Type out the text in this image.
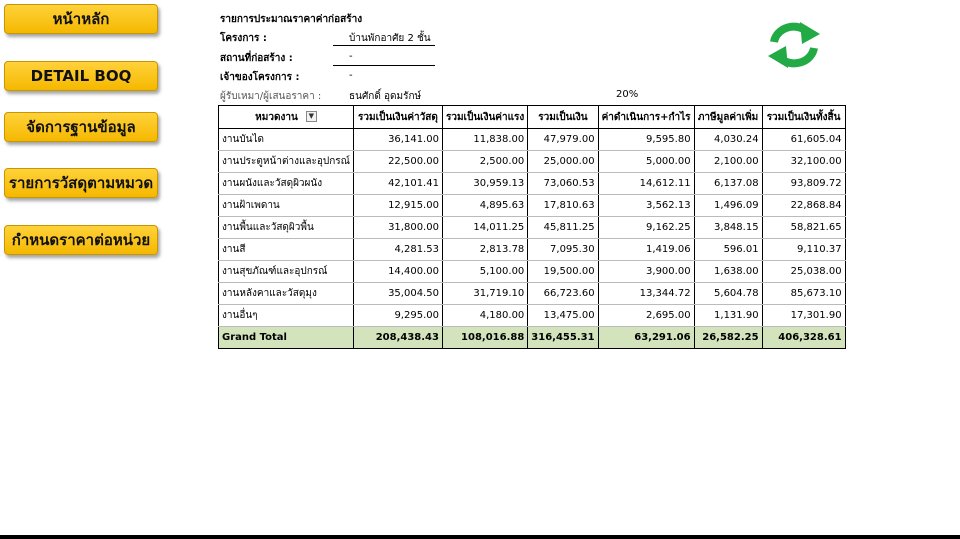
หน้าหลัก
DETAIL BOQ
จัดการฐานข้อมูล
รายการวัสดุตามหมวด
กำหนดราคาต่อหน่วย
รายการประมาณราคาค่าก่อสร้าง
โครงการ :	บ้านพักอาศัย 2 ชั้น
สถานที่ก่อสร้าง :	-
เจ้าของโครงการ :	-
ผู้รับเหมา/ผู้เสนอราคา :	ธนศักดิ์ อุดมรักษ์	20%
หมวดงาน ▼	รวมเป็นเงินค่าวัสดุ	รวมเป็นเงินค่าแรง	รวมเป็นเงิน	ค่าดำเนินการ+กำไร	ภาษีมูลค่าเพิ่ม	รวมเป็นเงินทั้งสิ้น
งานบันได	36,141.00	11,838.00	47,979.00	9,595.80	4,030.24	61,605.04
งานประตูหน้าต่างและอุปกรณ์	22,500.00	2,500.00	25,000.00	5,000.00	2,100.00	32,100.00
งานผนังและวัสดุผิวผนัง	42,101.41	30,959.13	73,060.53	14,612.11	6,137.08	93,809.72
งานฝ้าเพดาน	12,915.00	4,895.63	17,810.63	3,562.13	1,496.09	22,868.84
งานพื้นและวัสดุผิวพื้น	31,800.00	14,011.25	45,811.25	9,162.25	3,848.15	58,821.65
งานสี	4,281.53	2,813.78	7,095.30	1,419.06	596.01	9,110.37
งานสุขภัณฑ์และอุปกรณ์	14,400.00	5,100.00	19,500.00	3,900.00	1,638.00	25,038.00
งานหลังคาและวัสดุมุง	35,004.50	31,719.10	66,723.60	13,344.72	5,604.78	85,673.10
งานอื่นๆ	9,295.00	4,180.00	13,475.00	2,695.00	1,131.90	17,301.90
Grand Total	208,438.43	108,016.88	316,455.31	63,291.06	26,582.25	406,328.61
